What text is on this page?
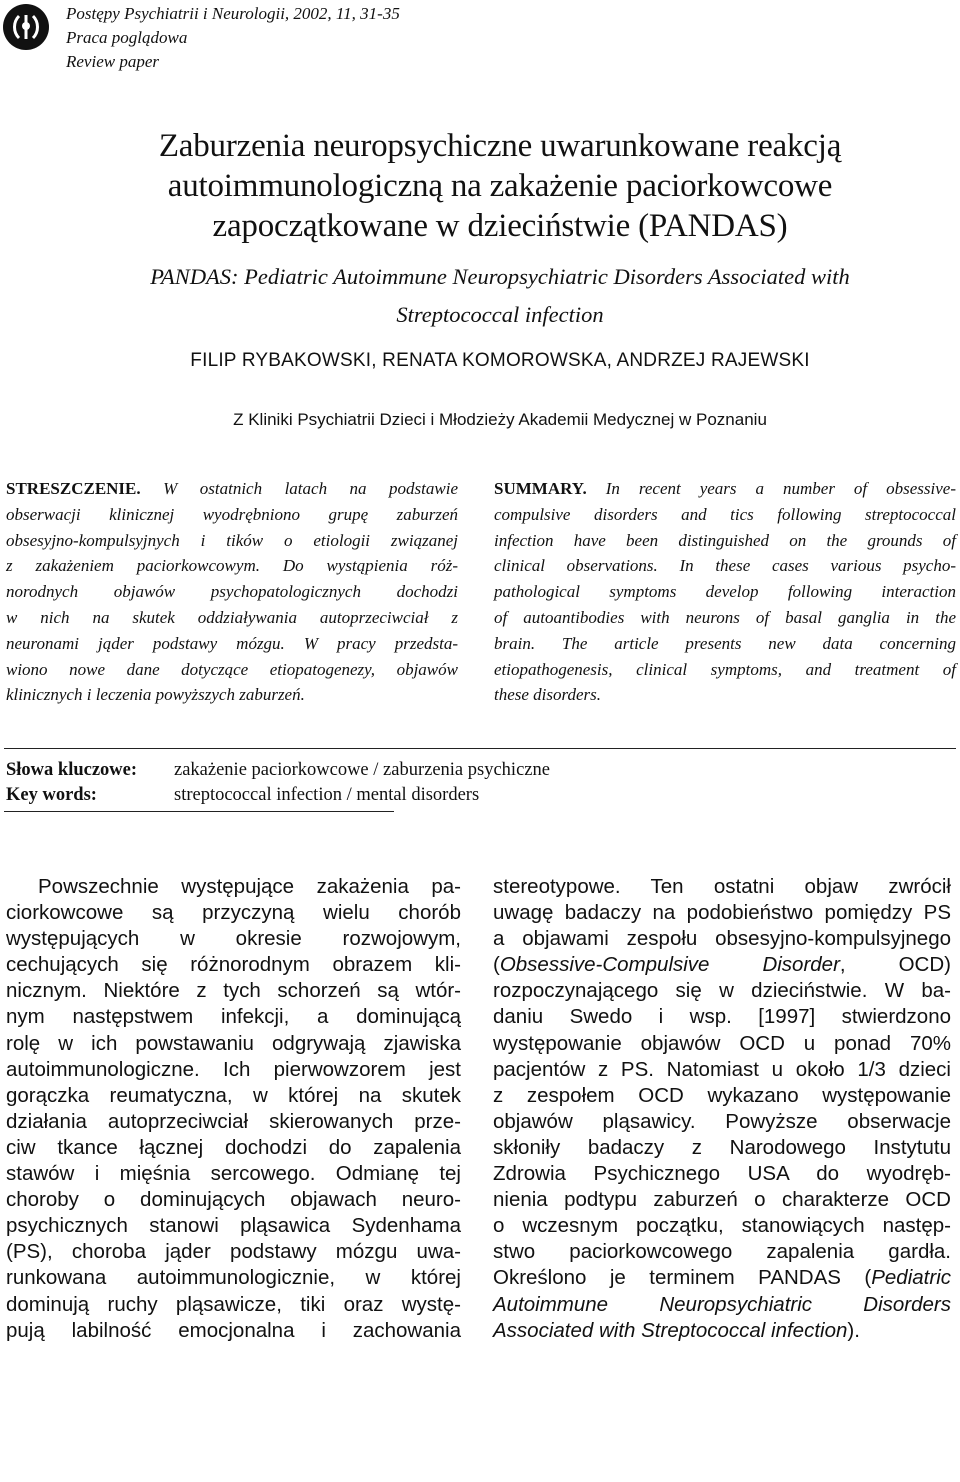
Postępy Psychiatrii i Neurologii, 2002, 11, 31-35
Praca poglądowa
Review paper
Zaburzenia neuropsychiczne uwarunkowane reakcją
autoimmunologiczną na zakażenie paciorkowcowe
zapoczątkowane w dzieciństwie (PANDAS)
PANDAS: Pediatric Autoimmune Neuropsychiatric Disorders Associated with
Streptococcal infection
FILIP RYBAKOWSKI, RENATA KOMOROWSKA, ANDRZEJ RAJEWSKI
Z Kliniki Psychiatrii Dzieci i Młodzieży Akademii Medycznej w Poznaniu
STRESZCZENIE. W ostatnich latach na podstawie
obserwacji klinicznej wyodrębniono grupę zaburzeń
obsesyjno-kompulsyjnych i tików o etiologii związanej
z zakażeniem paciorkowcowym. Do wystąpienia róż-
norodnych objawów psychopatologicznych dochodzi
w nich na skutek oddziaływania autoprzeciwciał z
neuronami jąder podstawy mózgu. W pracy przedsta-
wiono nowe dane dotyczące etiopatogenezy, objawów
klinicznych i leczenia powyższych zaburzeń.
SUMMARY. In recent years a number of obsessive-
compulsive disorders and tics following streptococcal
infection have been distinguished on the grounds of
clinical observations. In these cases various psycho-
pathological symptoms develop following interaction
of autoantibodies with neurons of basal ganglia in the
brain. The article presents new data concerning
etiopathogenesis, clinical symptoms, and treatment of
these disorders.
Słowa kluczowe: zakażenie paciorkowcowe / zaburzenia psychiczne
Key words:	streptococcal infection / mental disorders
Powszechnie występujące zakażenia pa-
ciorkowcowe są przyczyną wielu chorób
występujących w okresie rozwojowym,
cechujących się różnorodnym obrazem kli-
nicznym. Niektóre z tych schorzeń są wtór-
nym następstwem infekcji, a dominującą
rolę w ich powstawaniu odgrywają zjawiska
autoimmunologiczne. Ich pierwowzorem jest
gorączka reumatyczna, w której na skutek
działania autoprzeciwciał skierowanych prze-
ciw tkance łącznej dochodzi do zapalenia
stawów i mięśnia sercowego. Odmianę tej
choroby o dominujących objawach neuro-
psychicznych stanowi pląsawica Sydenhama
(PS), choroba jąder podstawy mózgu uwa-
runkowana autoimmunologicznie, w której
dominują ruchy pląsawicze, tiki oraz wystę-
pują labilność emocjonalna i zachowania
stereotypowe. Ten ostatni objaw zwrócił
uwagę badaczy na podobieństwo pomiędzy PS
a objawami zespołu obsesyjno-kompulsyjnego
(Obsessive-Compulsive Disorder, OCD)
rozpoczynającego się w dzieciństwie. W ba-
daniu Swedo i wsp. [1997] stwierdzono
występowanie objawów OCD u ponad 70%
pacjentów z PS. Natomiast u około 1/3 dzieci
z zespołem OCD wykazano występowanie
objawów pląsawicy. Powyższe obserwacje
skłoniły badaczy z Narodowego Instytutu
Zdrowia Psychicznego USA do wyodręb-
nienia podtypu zaburzeń o charakterze OCD
o wczesnym początku, stanowiących następ-
stwo paciorkowcowego zapalenia gardła.
Określono je terminem PANDAS (Pediatric
Autoimmune Neuropsychiatric Disorders
Associated with Streptococcal infection).
